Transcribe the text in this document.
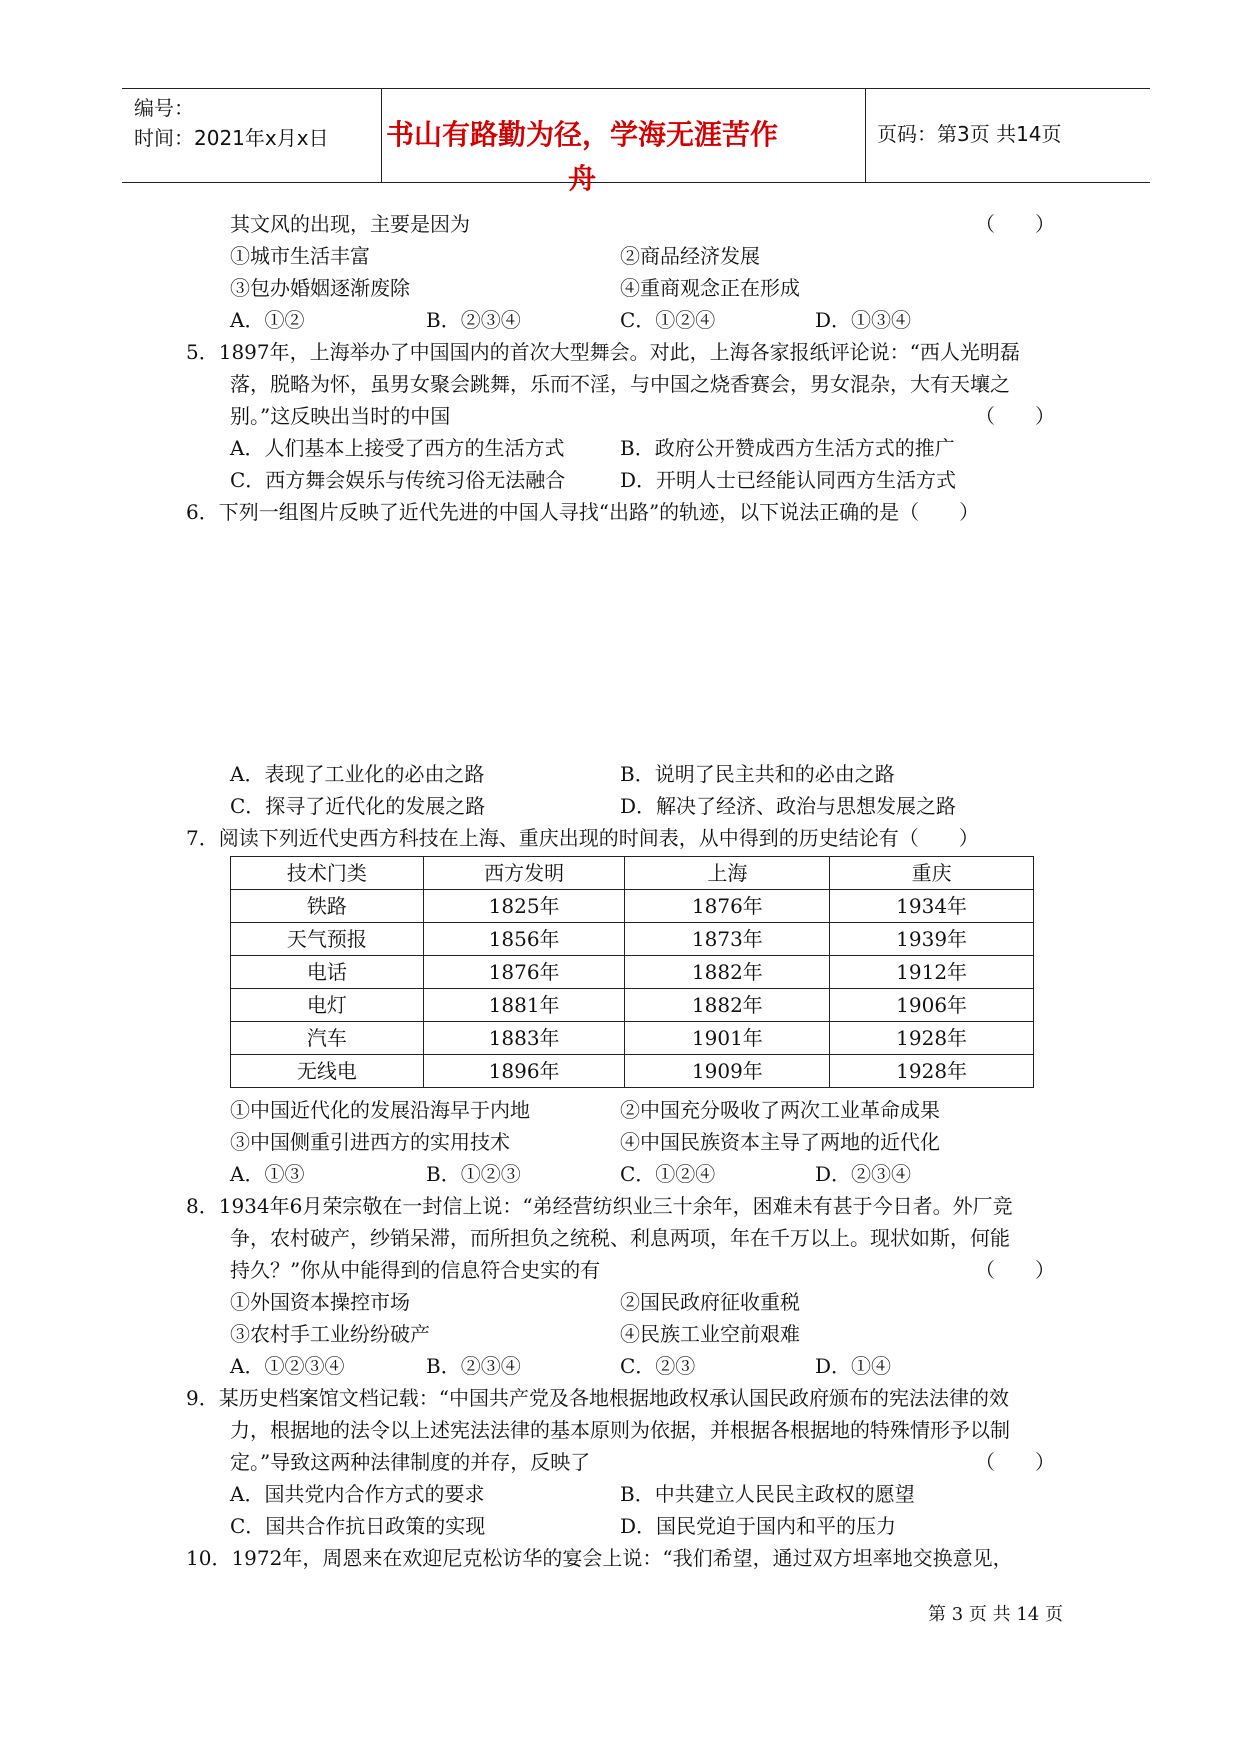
编号：
时间：2021年x月x日 书山有路勤为径，学海无涯苦作舟
页码：第3页 共14页
其文风的出现，主要是因为	（　　）
①城市生活丰富	②商品经济发展
③包办婚姻逐渐废除	④重商观念正在形成
A．①②	B．②③④	C．①②④	D．①③④
5．1897年，上海举办了中国国内的首次大型舞会。对此，上海各家报纸评论说：“西人光明磊
落，脱略为怀，虽男女聚会跳舞，乐而不淫，与中国之烧香赛会，男女混杂，大有天壤之
别。”这反映出当时的中国	（　　）
A．人们基本上接受了西方的生活方式	B．政府公开赞成西方生活方式的推广
C．西方舞会娱乐与传统习俗无法融合	D．开明人士已经能认同西方生活方式
6．下列一组图片反映了近代先进的中国人寻找“出路”的轨迹，以下说法正确的是（　　）
A．表现了工业化的必由之路	B．说明了民主共和的必由之路
C．探寻了近代化的发展之路	D．解决了经济、政治与思想发展之路
7．阅读下列近代史西方科技在上海、重庆出现的时间表，从中得到的历史结论有（　　）
技术门类	西方发明	上海	重庆
铁路	1825年	1876年	1934年
天气预报	1856年	1873年	1939年
电话	1876年	1882年	1912年
电灯	1881年	1882年	1906年
汽车	1883年	1901年	1928年
无线电	1896年	1909年	1928年
①中国近代化的发展沿海早于内地	②中国充分吸收了两次工业革命成果
③中国侧重引进西方的实用技术	④中国民族资本主导了两地的近代化
A．①③	B．①②③	C．①②④	D．②③④
8．1934年6月荣宗敬在一封信上说：“弟经营纺织业三十余年，困难未有甚于今日者。外厂竞
争，农村破产，纱销呆滞，而所担负之统税、利息两项，年在千万以上。现状如斯，何能
持久？”你从中能得到的信息符合史实的有	（　　）
①外国资本操控市场	②国民政府征收重税
③农村手工业纷纷破产	④民族工业空前艰难
A．①②③④	B．②③④	C．②③	D．①④
9．某历史档案馆文档记载：“中国共产党及各地根据地政权承认国民政府颁布的宪法法律的效
力，根据地的法令以上述宪法法律的基本原则为依据，并根据各根据地的特殊情形予以制
定。”导致这两种法律制度的并存，反映了	（　　）
A．国共党内合作方式的要求	B．中共建立人民民主政权的愿望
C．国共合作抗日政策的实现	D．国民党迫于国内和平的压力
10．1972年，周恩来在欢迎尼克松访华的宴会上说：“我们希望，通过双方坦率地交换意见，
第 3 页 共 14 页
